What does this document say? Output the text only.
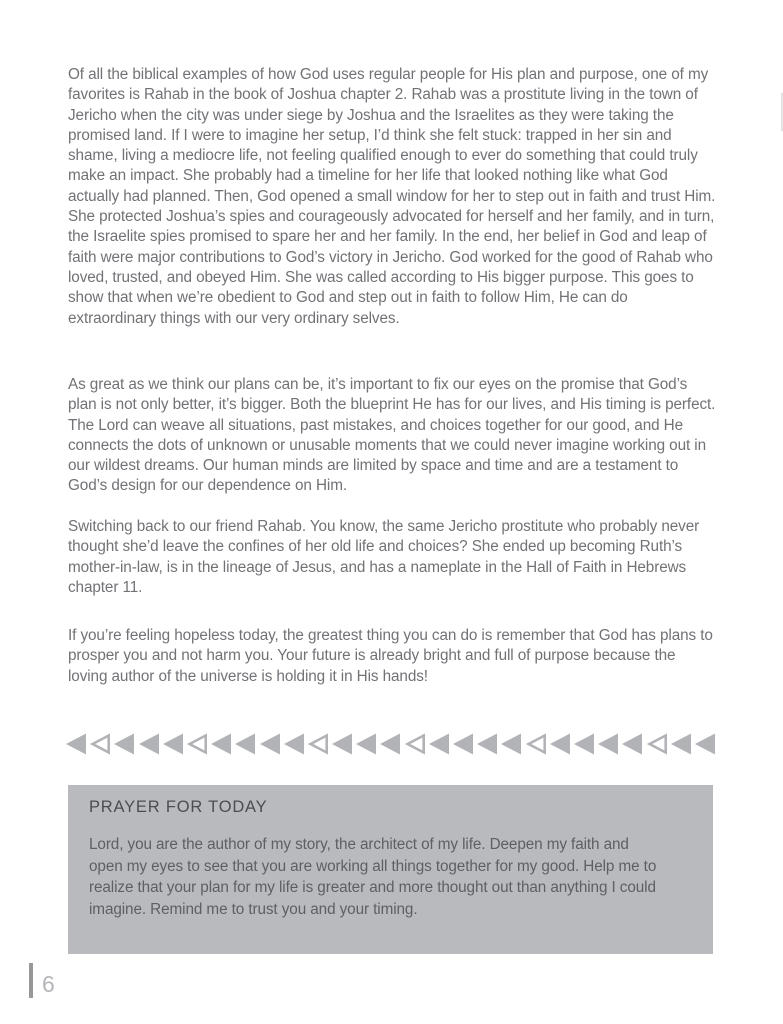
Of all the biblical examples of how God uses regular people for His plan and purpose, one of my favorites is Rahab in the book of Joshua chapter 2. Rahab was a prostitute living in the town of Jericho when the city was under siege by Joshua and the Israelites as they were taking the promised land. If I were to imagine her setup, I’d think she felt stuck: trapped in her sin and shame, living a mediocre life, not feeling qualified enough to ever do something that could truly make an impact. She probably had a timeline for her life that looked nothing like what God actually had planned. Then, God opened a small window for her to step out in faith and trust Him. She protected Joshua’s spies and courageously advocated for herself and her family, and in turn, the Israelite spies promised to spare her and her family. In the end, her belief in God and leap of faith were major contributions to God’s victory in Jericho. God worked for the good of Rahab who loved, trusted, and obeyed Him. She was called according to His bigger purpose. This goes to show that when we’re obedient to God and step out in faith to follow Him, He can do extraordinary things with our very ordinary selves.

As great as we think our plans can be, it’s important to fix our eyes on the promise that God’s plan is not only better, it’s bigger. Both the blueprint He has for our lives, and His timing is perfect. The Lord can weave all situations, past mistakes, and choices together for our good, and He connects the dots of unknown or unusable moments that we could never imagine working out in our wildest dreams. Our human minds are limited by space and time and are a testament to God’s design for our dependence on Him.

Switching back to our friend Rahab. You know, the same Jericho prostitute who probably never thought she’d leave the confines of her old life and choices? She ended up becoming Ruth’s mother-in-law, is in the lineage of Jesus, and has a nameplate in the Hall of Faith in Hebrews chapter 11.

If you’re feeling hopeless today, the greatest thing you can do is remember that God has plans to prosper you and not harm you. Your future is already bright and full of purpose because the loving author of the universe is holding it in His hands!

PRAYER FOR TODAY

Lord, you are the author of my story, the architect of my life. Deepen my faith and open my eyes to see that you are working all things together for my good. Help me to realize that your plan for my life is greater and more thought out than anything I could imagine. Remind me to trust you and your timing.

6
